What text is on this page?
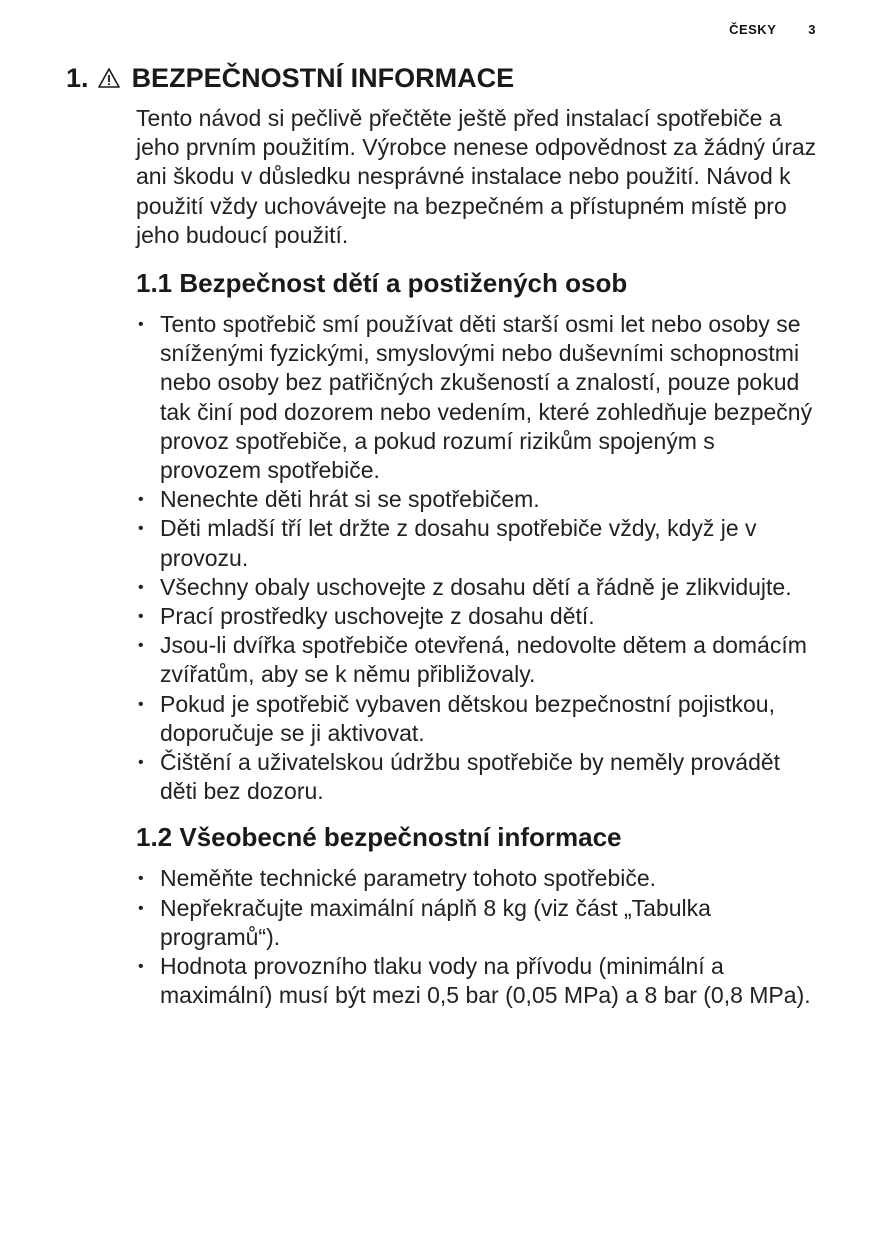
ČESKY 3
1. BEZPEČNOSTNÍ INFORMACE

Tento návod si pečlivě přečtěte ještě před instalací spotřebiče a jeho prvním použitím. Výrobce nenese odpovědnost za žádný úraz ani škodu v důsledku nesprávné instalace nebo použití. Návod k použití vždy uchovávejte na bezpečném a přístupném místě pro jeho budoucí použití.

1.1 Bezpečnost dětí a postižených osob
• Tento spotřebič smí používat děti starší osmi let nebo osoby se sníženými fyzickými, smyslovými nebo duševními schopnostmi nebo osoby bez patřičných zkušeností a znalostí, pouze pokud tak činí pod dozorem nebo vedením, které zohledňuje bezpečný provoz spotřebiče, a pokud rozumí rizikům spojeným s provozem spotřebiče.
• Nenechte děti hrát si se spotřebičem.
• Děti mladší tří let držte z dosahu spotřebiče vždy, když je v provozu.
• Všechny obaly uschovejte z dosahu dětí a řádně je zlikvidujte.
• Prací prostředky uschovejte z dosahu dětí.
• Jsou-li dvířka spotřebiče otevřená, nedovolte dětem a domácím zvířatům, aby se k němu přibližovaly.
• Pokud je spotřebič vybaven dětskou bezpečnostní pojistkou, doporučuje se ji aktivovat.
• Čištění a uživatelskou údržbu spotřebiče by neměly provádět děti bez dozoru.
1.2 Všeobecné bezpečnostní informace
• Neměňte technické parametry tohoto spotřebiče.
• Nepřekračujte maximální náplň 8 kg (viz část „Tabulka programů“).
• Hodnota provozního tlaku vody na přívodu (minimální a maximální) musí být mezi 0,5 bar (0,05 MPa) a 8 bar (0,8 MPa).
